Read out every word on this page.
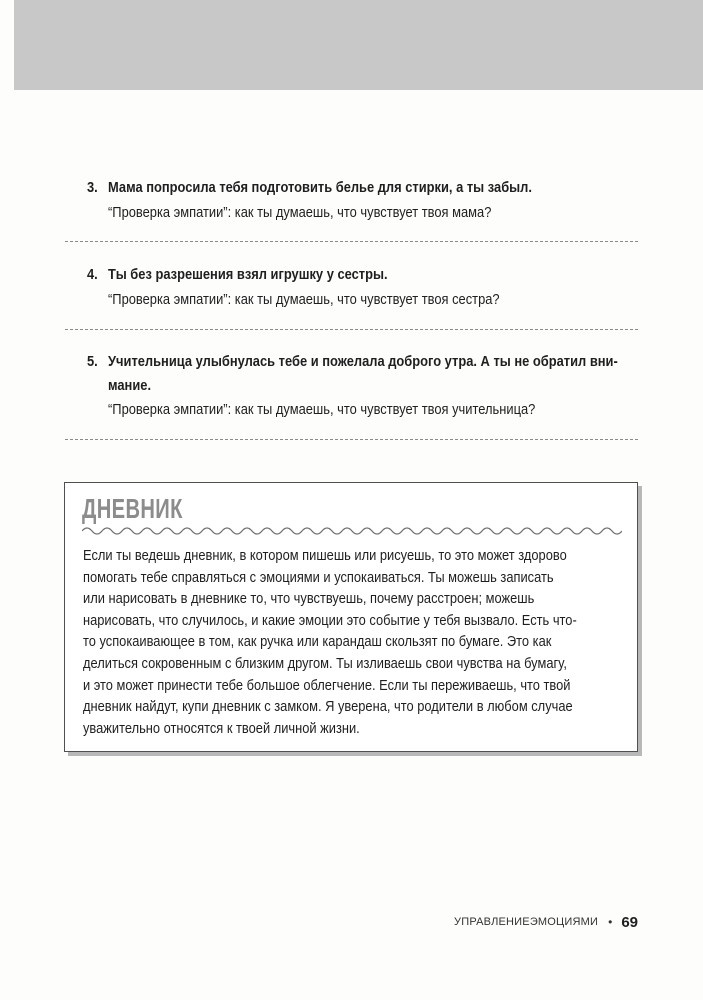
3. Мама попросила тебя подготовить белье для стирки, а ты забыл.
“Проверка эмпатии”: как ты думаешь, что чувствует твоя мама?
4. Ты без разрешения взял игрушку у сестры.
“Проверка эмпатии”: как ты думаешь, что чувствует твоя сестра?
5. Учительница улыбнулась тебе и пожелала доброго утра. А ты не обратил вни-
мание.
“Проверка эмпатии”: как ты думаешь, что чувствует твоя учительница?
ДНЕВНИК
Если ты ведешь дневник, в котором пишешь или рисуешь, то это может здорово
помогать тебе справляться с эмоциями и успокаиваться. Ты можешь записать
или нарисовать в дневнике то, что чувствуешь, почему расстроен; можешь
нарисовать, что случилось, и какие эмоции это событие у тебя вызвало. Есть что-
то успокаивающее в том, как ручка или карандаш скользят по бумаге. Это как
делиться сокровенным с близким другом. Ты изливаешь свои чувства на бумагу,
и это может принести тебе большое облегчение. Если ты переживаешь, что твой
дневник найдут, купи дневник с замком. Я уверена, что родители в любом случае
уважительно относятся к твоей личной жизни.
УПРАВЛЕНИЕЭМОЦИЯМИ • 69
